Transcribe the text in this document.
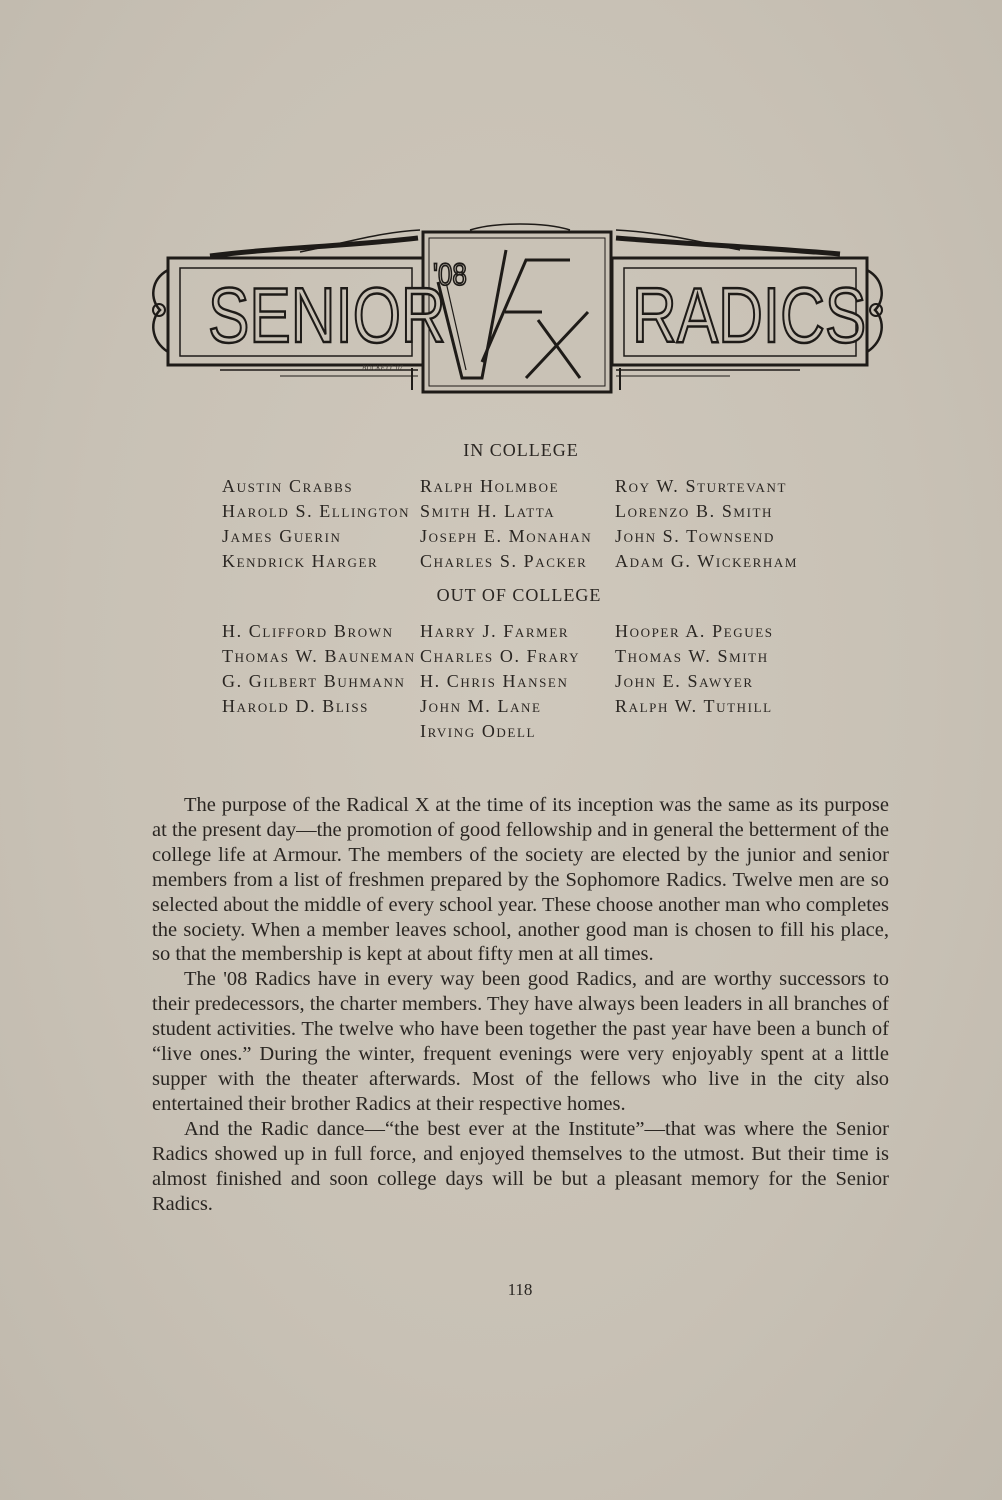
SENIOR	RADICS
'08
BUCKETT '07
IN COLLEGE
Austin Crabbs
Harold S. Ellington
James Guerin
Kendrick Harger
Ralph Holmboe
Smith H. Latta
Joseph E. Monahan
Charles S. Packer
Roy W. Sturtevant
Lorenzo B. Smith
John S. Townsend
Adam G. Wickerham
OUT OF COLLEGE
H. Clifford Brown
Thomas W. Bauneman
G. Gilbert Buhmann
Harold D. Bliss
Harry J. Farmer
Charles O. Frary
H. Chris Hansen
John M. Lane
Irving Odell
Hooper A. Pegues
Thomas W. Smith
John E. Sawyer
Ralph W. Tuthill

The purpose of the Radical X at the time of its inception was the same as its purpose at the present day—the promotion of good fellowship and in general the betterment of the college life at Armour. The members of the society are elected by the junior and senior members from a list of freshmen prepared by the Sophomore Radics. Twelve men are so selected about the middle of every school year. These choose another man who completes the society. When a member leaves school, another good man is chosen to fill his place, so that the membership is kept at about fifty men at all times.

The '08 Radics have in every way been good Radics, and are worthy successors to their predecessors, the charter members. They have always been leaders in all branches of student activities. The twelve who have been together the past year have been a bunch of “live ones.” During the winter, frequent evenings were very enjoyably spent at a little supper with the theater afterwards. Most of the fellows who live in the city also entertained their brother Radics at their respective homes.

And the Radic dance—“the best ever at the Institute”—that was where the Senior Radics showed up in full force, and enjoyed themselves to the utmost. But their time is almost finished and soon college days will be but a pleasant memory for the Senior Radics.

118
